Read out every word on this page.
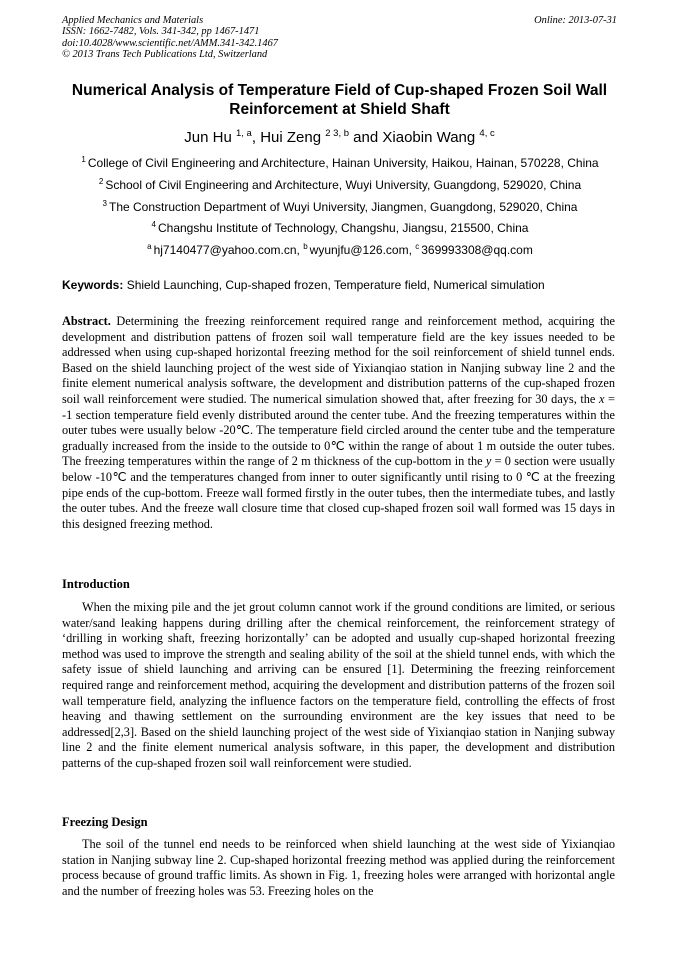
Applied Mechanics and Materials
ISSN: 1662-7482, Vols. 341-342, pp 1467-1471
doi:10.4028/www.scientific.net/AMM.341-342.1467
© 2013 Trans Tech Publications Ltd, Switzerland
Online: 2013-07-31
Numerical Analysis of Temperature Field of Cup-shaped Frozen Soil Wall
Reinforcement at Shield Shaft
Jun Hu $^{1, a}$, Hui Zeng $^{2 3, b}$ and Xiaobin Wang $^{4, c}$
$^1$ College of Civil Engineering and Architecture, Hainan University, Haikou, Hainan, 570228, China
$^2$ School of Civil Engineering and Architecture, Wuyi University, Guangdong, 529020, China
$^3$ The Construction Department of Wuyi University, Jiangmen, Guangdong, 529020, China
$^4$ Changshu Institute of Technology, Changshu, Jiangsu, 215500, China
$^a$ hj7140477@yahoo.com.cn, $^b$ wyunjfu@126.com, $^c$ 369993308@qq.com
Keywords: Shield Launching, Cup-shaped frozen, Temperature field, Numerical simulation
Abstract. Determining the freezing reinforcement required range and reinforcement method, acquiring the development and distribution pattens of frozen soil wall temperature field are the key issues needed to be addressed when using cup-shaped horizontal freezing method for the soil reinforcement of shield tunnel ends. Based on the shield launching project of the west side of Yixianqiao station in Nanjing subway line 2 and the finite element numerical analysis software, the development and distribution patterns of the cup-shaped frozen soil wall reinforcement were studied. The numerical simulation showed that, after freezing for 30 days, the x = -1 section temperature field evenly distributed around the center tube. And the freezing temperatures within the outer tubes were usually below -20℃. The temperature field circled around the center tube and the temperature gradually increased from the inside to the outside to 0℃ within the range of about 1 m outside the outer tubes. The freezing temperatures within the range of 2 m thickness of the cup-bottom in the y = 0 section were usually below -10℃ and the temperatures changed from inner to outer significantly until rising to 0 ℃ at the freezing pipe ends of the cup-bottom. Freeze wall formed firstly in the outer tubes, then the intermediate tubes, and lastly the outer tubes. And the freeze wall closure time that closed cup-shaped frozen soil wall formed was 15 days in this designed freezing method.
Introduction
When the mixing pile and the jet grout column cannot work if the ground conditions are limited, or serious water/sand leaking happens during drilling after the chemical reinforcement, the reinforcement strategy of ‘drilling in working shaft, freezing horizontally’ can be adopted and usually cup-shaped horizontal freezing method was used to improve the strength and sealing ability of the soil at the shield tunnel ends, with which the safety issue of shield launching and arriving can be ensured [1]. Determining the freezing reinforcement required range and reinforcement method, acquiring the development and distribution patterns of the frozen soil wall temperature field, analyzing the influence factors on the temperature field, controlling the effects of frost heaving and thawing settlement on the surrounding environment are the key issues that need to be addressed[2,3]. Based on the shield launching project of the west side of Yixianqiao station in Nanjing subway line 2 and the finite element numerical analysis software, in this paper, the development and distribution patterns of the cup-shaped frozen soil wall reinforcement were studied.
Freezing Design
The soil of the tunnel end needs to be reinforced when shield launching at the west side of Yixianqiao station in Nanjing subway line 2. Cup-shaped horizontal freezing method was applied during the reinforcement process because of ground traffic limits. As shown in Fig. 1, freezing holes were arranged with horizontal angle and the number of freezing holes was 53. Freezing holes on the
